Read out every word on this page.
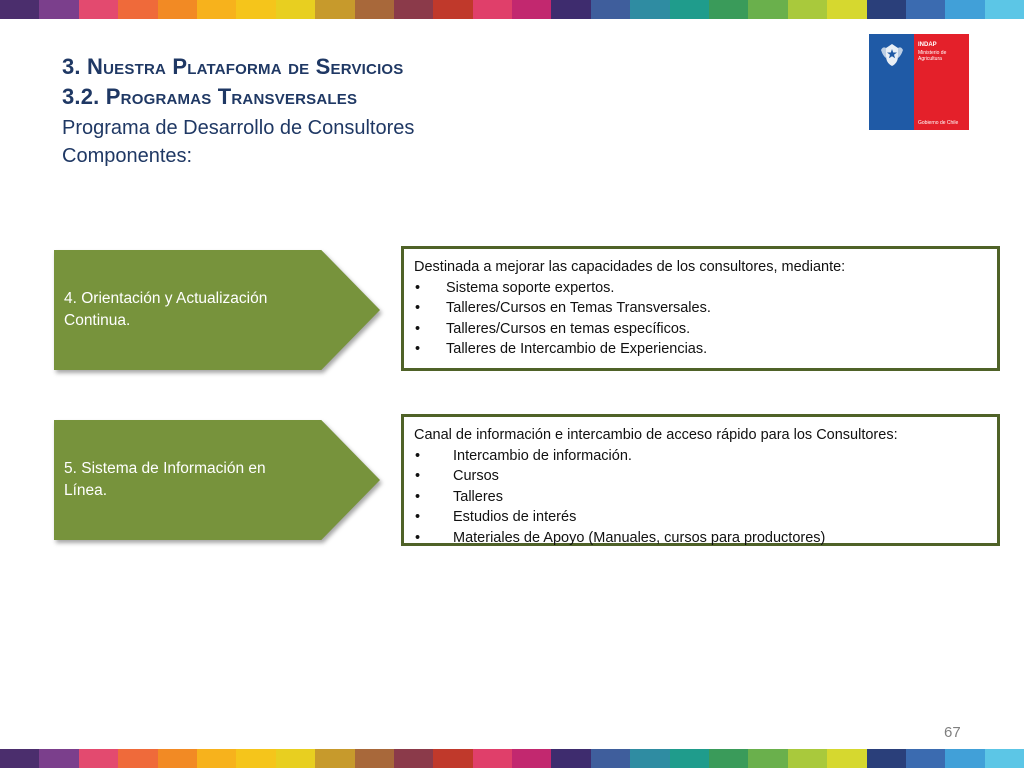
3. Nuestra Plataforma de Servicios
3.2. Programas Transversales
Programa de Desarrollo de Consultores
Componentes:
INDAP
Ministerio de Agricultura
Gobierno de Chile
4. Orientación y Actualización Continua.
Destinada a mejorar las capacidades de los consultores, mediante:
• Sistema soporte expertos.
• Talleres/Cursos en Temas Transversales.
• Talleres/Cursos en temas específicos.
• Talleres de Intercambio de Experiencias.
5. Sistema de Información en Línea.
Canal de información e intercambio de acceso rápido para los Consultores:
• Intercambio de información.
• Cursos
• Talleres
• Estudios de interés
• Materiales de Apoyo (Manuales, cursos para productores)
67
